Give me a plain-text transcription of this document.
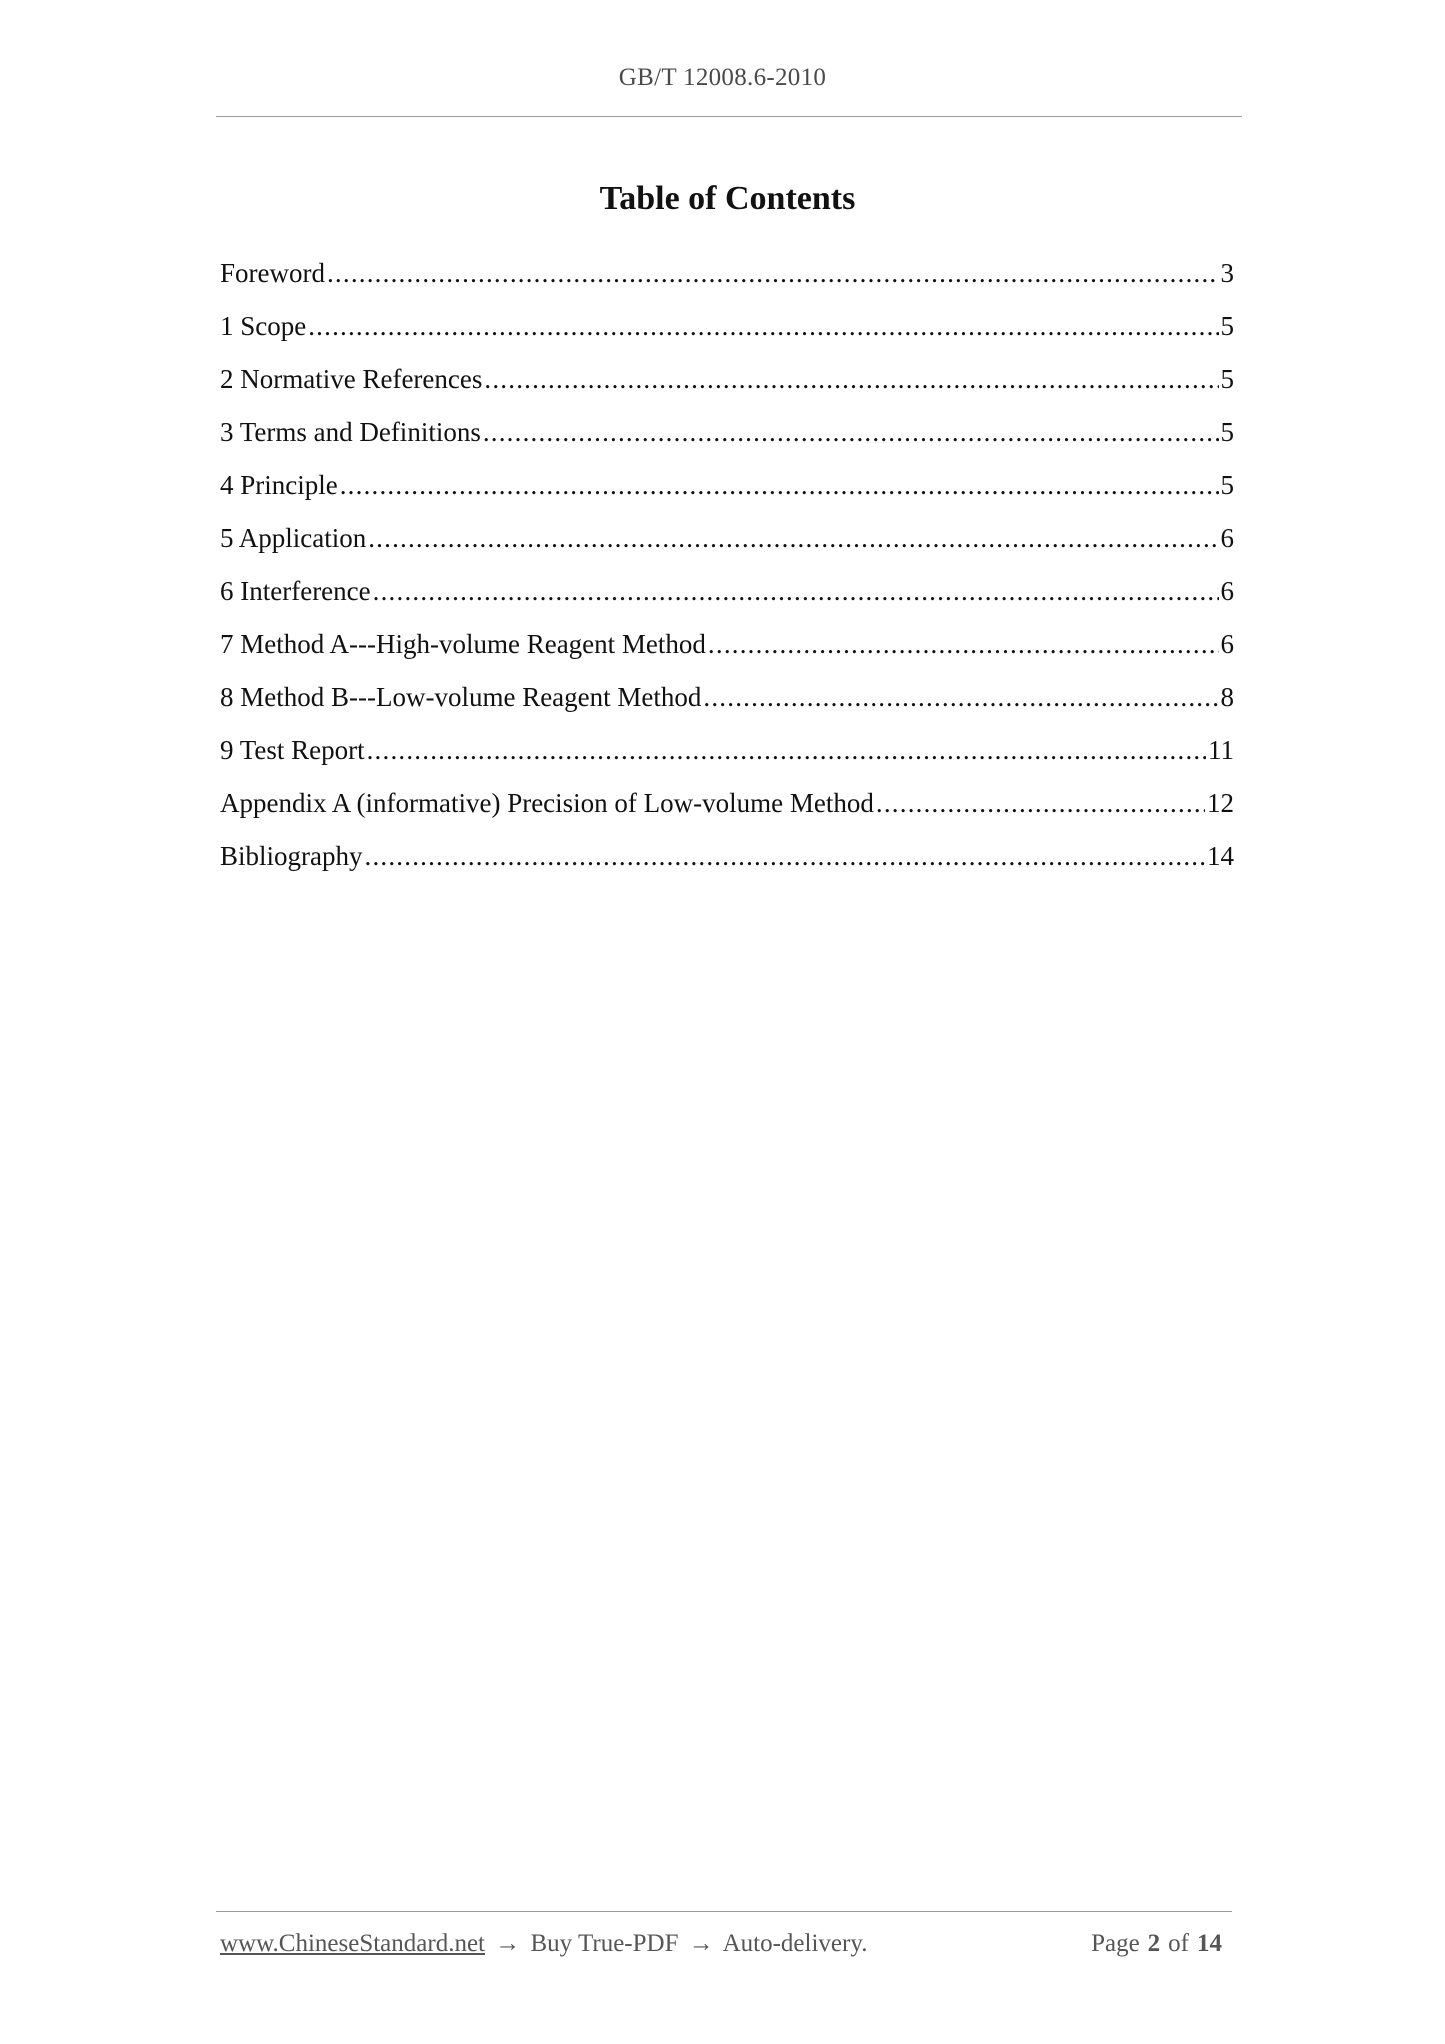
GB/T 12008.6-2010
Table of Contents
Foreword .....	3
1 Scope .....	5
2 Normative References .....	5
3 Terms and Definitions .....	5
4 Principle .....	5
5 Application .....	6
6 Interference .....	6
7 Method A---High-volume Reagent Method .....	6
8 Method B---Low-volume Reagent Method .....	8
9 Test Report .....	11
Appendix A (informative) Precision of Low-volume Method .....	12
Bibliography .....	14
www.ChineseStandard.net → Buy True-PDF → Auto-delivery.	Page 2 of 14
